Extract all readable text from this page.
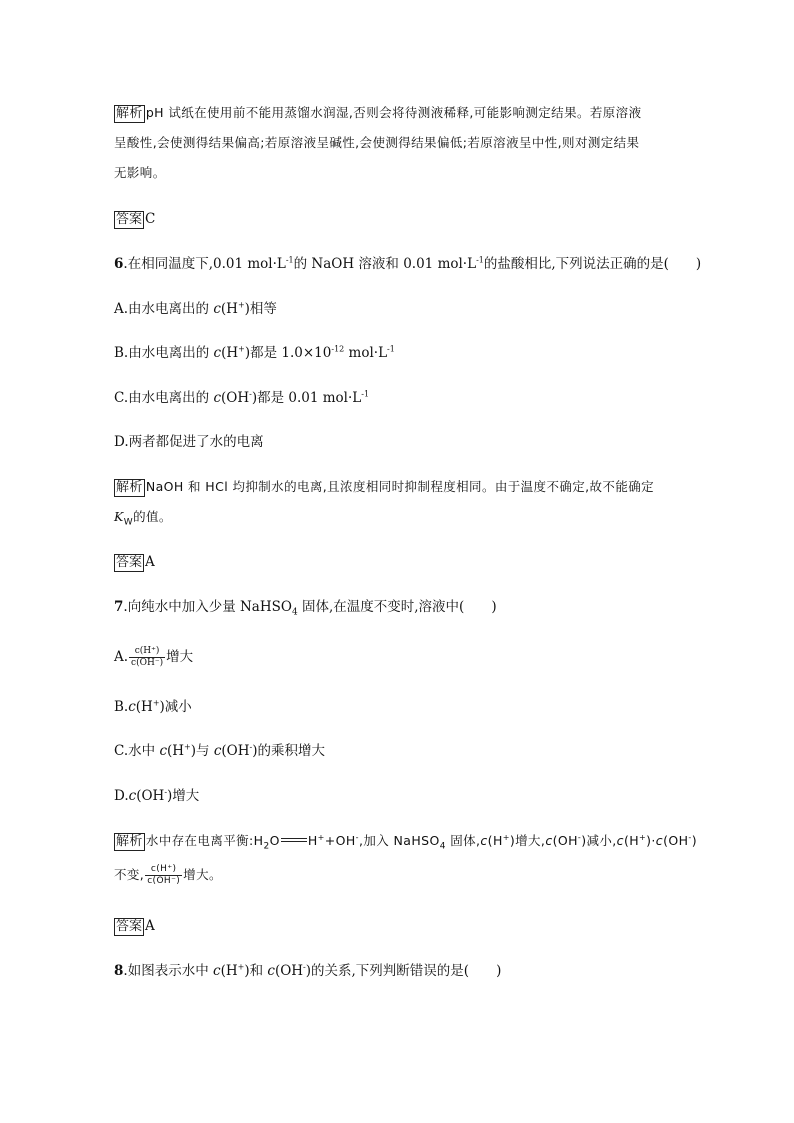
解析 pH 试纸在使用前不能用蒸馏水润湿,否则会将待测液稀释,可能影响测定结果。若原溶液
呈酸性,会使测得结果偏高;若原溶液呈碱性,会使测得结果偏低;若原溶液呈中性,则对测定结果
无影响。
答案 C
6.在相同温度下,0.01 $mol\cdot L^{-1}$的 NaOH 溶液和 0.01 $mol\cdot L^{-1}$的盐酸相比,下列说法正确的是(　　)
A.由水电离出的 c(H+)相等
B.由水电离出的 c(H+)都是 $1.0\times 10^{-12}$ $mol\cdot L^{-1}$
C.由水电离出的 c(OH-)都是 0.01 $mol\cdot L^{-1}$
D.两者都促进了水的电离
解析 NaOH 和 HCl 均抑制水的电离,且浓度相同时抑制程度相同。由于温度不确定,故不能确定
$K_W$的值。
答案 A
7.向纯水中加入少量 NaHSO$_4$ 固体,在温度不变时,溶液中(　　)
A. $\frac{c(H^+)}{c(OH^-)}$ 增大
B.c(H+)减小
C.水中 c(H+)与 c(OH-)的乘积增大
D.c(OH-)增大
解析 水中存在电离平衡$:H_2O$ H++OH-,加入 NaHSO$_4$ 固体,c(H+)增大,c(OH-)减小,c(H+)·c(OH-)
不变, $\frac{c(H^+)}{c(OH^-)}$ 增大。
答案 A
8.如图表示水中 c(H+)和 c(OH-)的关系,下列判断错误的是(　　)
